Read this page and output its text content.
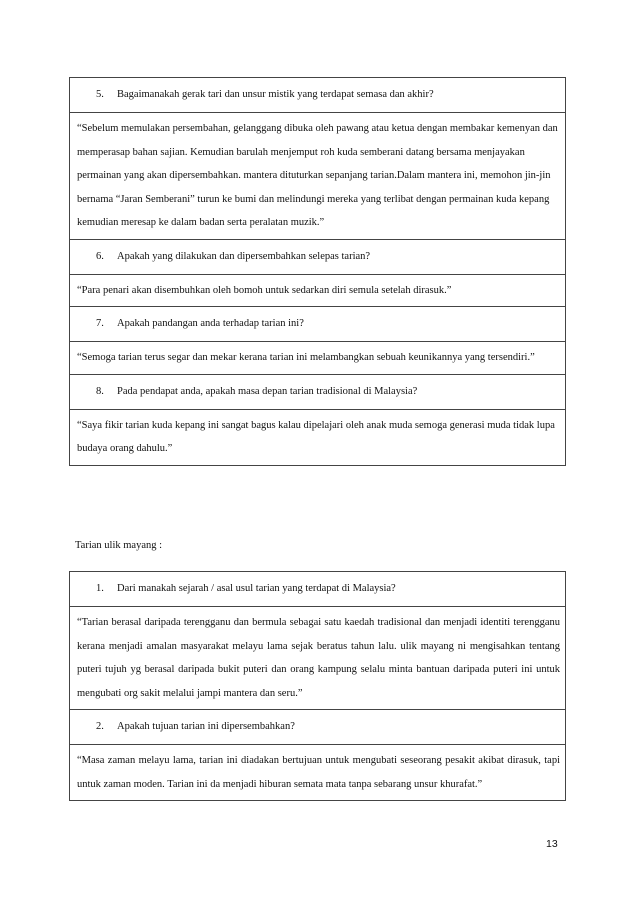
5. Bagaimanakah gerak tari dan unsur mistik yang terdapat semasa dan akhir?
“Sebelum memulakan persembahan, gelanggang dibuka oleh pawang atau ketua dengan membakar kemenyan dan memperasap bahan sajian. Kemudian barulah menjemput roh kuda semberani datang bersama menjayakan permainan yang akan dipersembahkan. mantera dituturkan sepanjang tarian.Dalam mantera ini, memohon jin-jin bernama “Jaran Semberani” turun ke bumi dan melindungi mereka yang terlibat dengan permainan kuda kepang kemudian meresap ke dalam badan serta peralatan muzik.”
6. Apakah yang dilakukan dan dipersembahkan selepas tarian?
“Para penari akan disembuhkan oleh bomoh untuk sedarkan diri semula setelah dirasuk.”
7. Apakah pandangan anda terhadap tarian ini?
“Semoga tarian terus segar dan mekar kerana tarian ini melambangkan sebuah keunikannya yang tersendiri.”
8. Pada pendapat anda, apakah masa depan tarian tradisional di Malaysia?
“Saya fikir tarian kuda kepang ini sangat bagus kalau dipelajari oleh anak muda semoga generasi muda tidak lupa budaya orang dahulu.”
Tarian ulik mayang :
1. Dari manakah sejarah / asal usul tarian yang terdapat di Malaysia?
“Tarian berasal daripada terengganu dan bermula sebagai satu kaedah tradisional dan menjadi identiti terengganu kerana menjadi amalan masyarakat melayu lama sejak beratus tahun lalu. ulik mayang ni mengisahkan tentang puteri tujuh yg berasal daripada bukit puteri dan orang kampung selalu minta bantuan daripada puteri ini untuk mengubati org sakit melalui jampi mantera dan seru.”
2. Apakah tujuan tarian ini dipersembahkan?
“Masa zaman melayu lama, tarian ini diadakan bertujuan untuk mengubati seseorang pesakit akibat dirasuk, tapi untuk zaman moden. Tarian ini da menjadi hiburan semata mata tanpa sebarang unsur khurafat.”
13
